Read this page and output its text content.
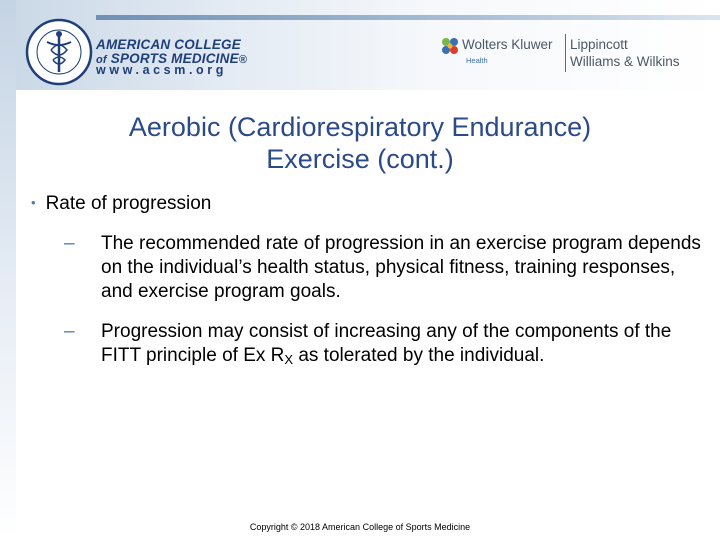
AMERICAN COLLEGE
of SPORTS MEDICINE®
www.acsm.org
Wolters Kluwer
Health
Lippincott
Williams & Wilkins
Aerobic (Cardiorespiratory Endurance)
Exercise (cont.)
• Rate of progression
– The recommended rate of progression in an exercise program depends on the individual’s health status, physical fitness, training responses, and exercise program goals.
– Progression may consist of increasing any of the components of the FITT principle of Ex RX as tolerated by the individual.
Copyright © 2018 American College of Sports Medicine
